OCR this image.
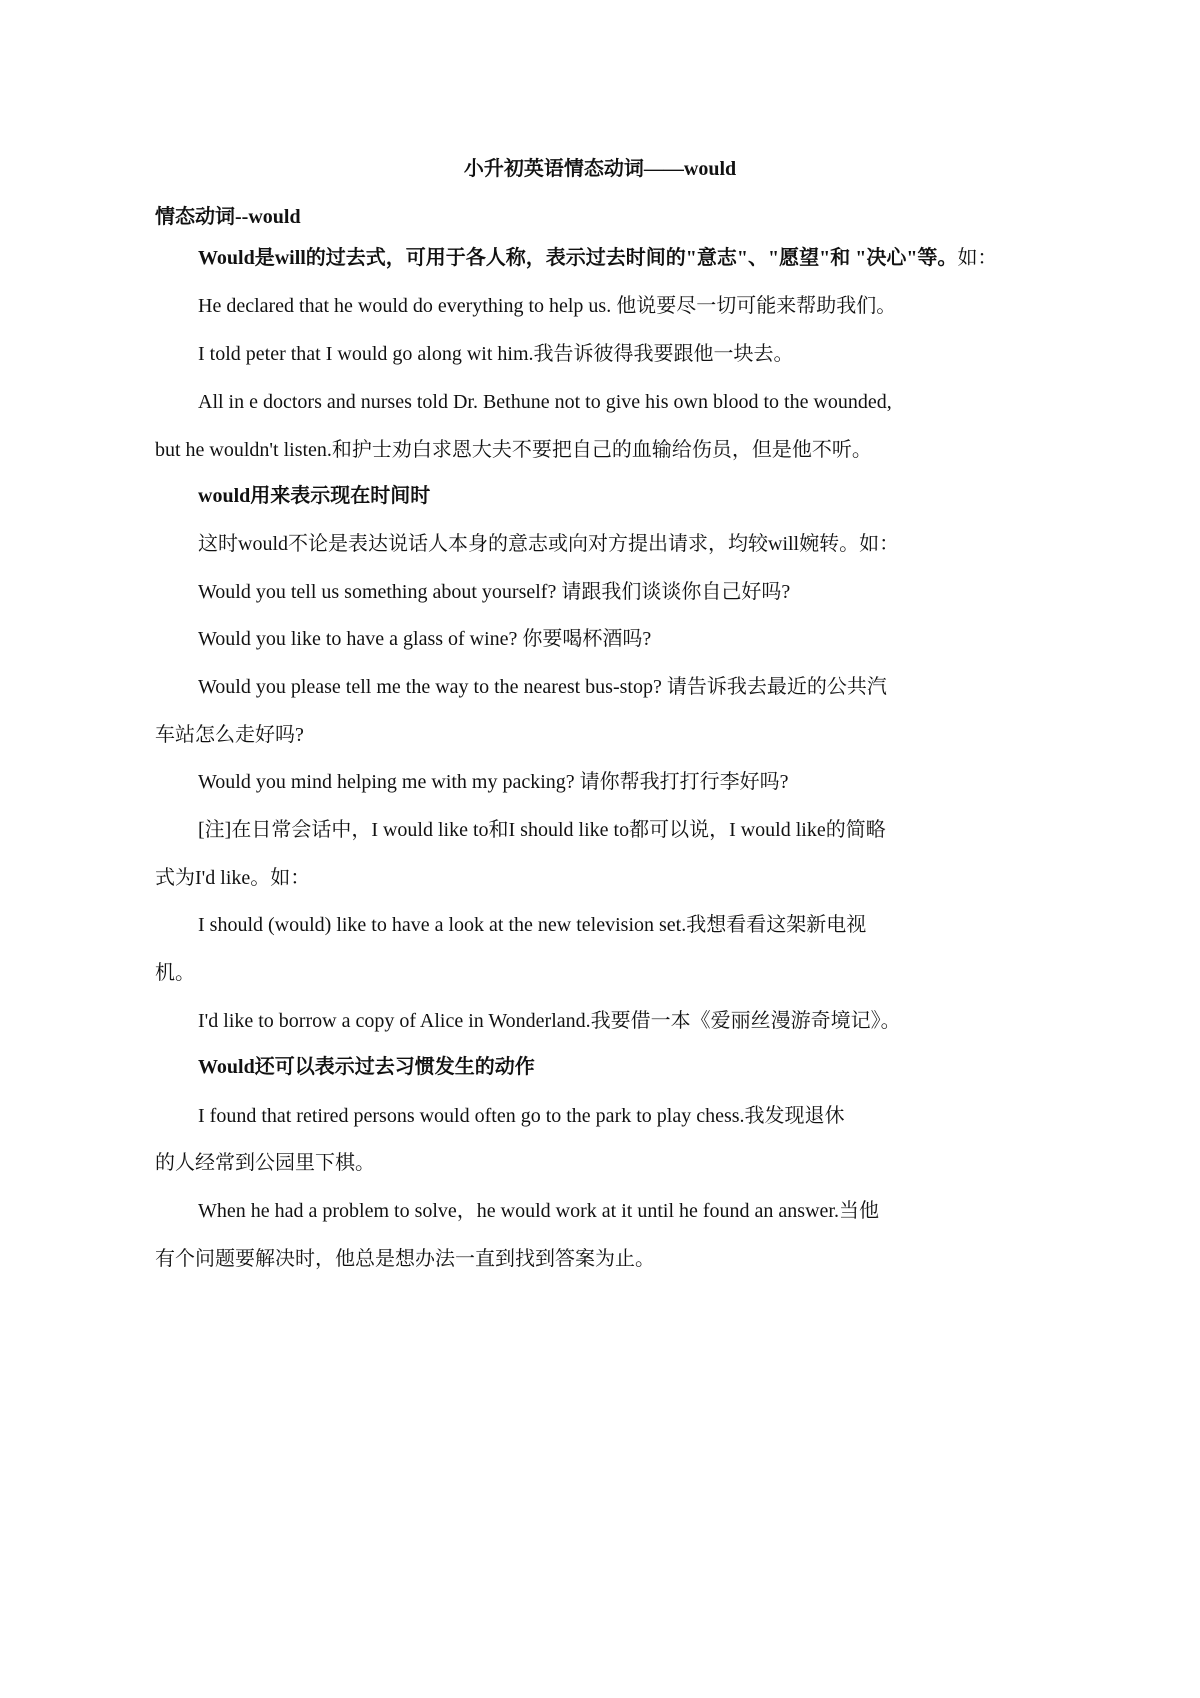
小升初英语情态动词——would
情态动词--would
Would是will的过去式，可用于各人称，表示过去时间的"意志"、"愿望"和 "决心"等。如：
He declared that he would do everything to help us. 他说要尽一切可能来帮助我们。
I told peter that I would go along wit him.我告诉彼得我要跟他一块去。
All in e doctors and nurses told Dr. Bethune not to give his own blood to the wounded,
but he wouldn't listen.和护士劝白求恩大夫不要把自己的血输给伤员，但是他不听。
would用来表示现在时间时
这时would不论是表达说话人本身的意志或向对方提出请求，均较will婉转。如：
Would you tell us something about yourself? 请跟我们谈谈你自己好吗?
Would you like to have a glass of wine? 你要喝杯酒吗?
Would you please tell me the way to the nearest bus-stop? 请告诉我去最近的公共汽
车站怎么走好吗?
Would you mind helping me with my packing? 请你帮我打打行李好吗?
[注]在日常会话中，I would like to和I should like to都可以说，I would like的简略
式为I'd like。如：
I should (would) like to have a look at the new television set.我想看看这架新电视
机。
I'd like to borrow a copy of Alice in Wonderland.我要借一本《爱丽丝漫游奇境记》。
Would还可以表示过去习惯发生的动作
I found that retired persons would often go to the park to play chess.我发现退休
的人经常到公园里下棋。
When he had a problem to solve，he would work at it until he found an answer.当他
有个问题要解决时，他总是想办法一直到找到答案为止。
